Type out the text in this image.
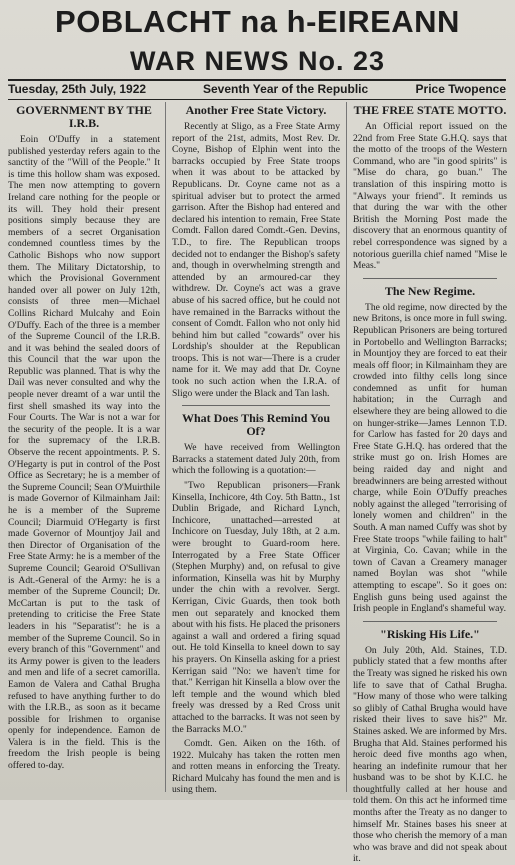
POBLACHT na h-EIREANN
WAR NEWS No. 23
Tuesday, 25th July, 1922	Seventh Year of the Republic	Price Twopence
GOVERNMENT BY THE I.R.B.

Eoin O'Duffy in a statement published yesterday refers again to the sanctity of the "Will of the People." It is time this hollow sham was exposed. The men now attempting to govern Ireland care nothing for the people or its will. They hold their present positions simply because they are members of a secret Organisation condemned countless times by the Catholic Bishops who now support them. The Military Dictatorship, to which the Provisional Government handed over all power on July 12th, consists of three men—Michael Collins Richard Mulcahy and Eoin O'Duffy. Each of the three is a member of the Supreme Council of the I.R.B. and it was behind the sealed doors of this Council that the war upon the Republic was planned. That is why the Dail was never consulted and why the people never dreamt of a war until the first shell smashed its way into the Four Courts. The War is not a war for the security of the people. It is a war for the supremacy of the I.R.B. Observe the recent appointments. P. S. O'Hegarty is put in control of the Post Office as Secretary; he is a member of the Supreme Council; Sean O'Muirthile is made Governor of Kilmainham Jail: he is a member of the Supreme Council; Diarmuid O'Hegarty is first made Governor of Mountjoy Jail and then Director of Organisation of the Free State Army: he is a member of the Supreme Council; Gearoid O'Sullivan is Adt.-General of the Army: he is a member of the Supreme Council; Dr. McCartan is put to the task of pretending to criticise the Free State leaders in his "Separatist": he is a member of the Supreme Council. So in every branch of this "Government" and its Army power is given to the leaders and men and life of a secret camorilla. Eamon de Valera and Cathal Brugha refused to have anything further to do with the I.R.B., as soon as it became possible for Irishmen to organise openly for independence. Eamon de Valera is in the field. This is the freedom the Irish people is being offered to-day.

Another Free State Victory.

Recently at Sligo, as a Free State Army report of the 21st, admits, Most Rev. Dr. Coyne, Bishop of Elphin went into the barracks occupied by Free State troops when it was about to be attacked by Republicans. Dr. Coyne came not as a spiritual adviser but to protect the armed garrison. After the Bishop had entered and declared his intention to remain, Free State Comdt. Fallon dared Comdt.-Gen. Devins, T.D., to fire. The Republican troops decided not to endanger the Bishop's safety and, though in overwhelming strength and attended by an armoured-car they withdrew. Dr. Coyne's act was a grave abuse of his sacred office, but he could not have remained in the Barracks without the consent of Comdt. Fallon who not only hid behind him but called "cowards" over his Lordship's shoulder at the Republican troops. This is not war—There is a cruder name for it. We may add that Dr. Coyne took no such action when the I.R.A. of Sligo were under the Black and Tan lash.

What Does This Remind You Of?

We have received from Wellington Barracks a statement dated July 20th, from which the following is a quotation:—

"Two Republican prisoners—Frank Kinsella, Inchicore, 4th Coy. 5th Battn., 1st Dublin Brigade, and Richard Lynch, Inchicore, unattached—arrested at Inchicore on Tuesday, July 18th, at 2 a.m. were brought to Guard-room here. Interrogated by a Free State Officer (Stephen Murphy) and, on refusal to give information, Kinsella was hit by Murphy under the chin with a revolver. Sergt. Kerrigan, Civic Guards, then took both men out separately and knocked them about with his fists. He placed the prisoners against a wall and ordered a firing squad out. He told Kinsella to kneel down to say his prayers. On Kinsella asking for a priest Kerrigan said "No: we haven't time for that." Kerrigan hit Kinsella a blow over the left temple and the wound which bled freely was dressed by a Red Cross unit attached to the barracks. It was not seen by the Barracks M.O."

Comdt. Gen. Aiken on the 16th. of 1922. Mulcahy has taken the rotten men and rotten means in enforcing the Treaty. Richard Mulcahy has found the men and is using them.

THE FREE STATE MOTTO.

An Official report issued on the 22nd from Free State G.H.Q. says that the motto of the troops of the Western Command, who are "in good spirits" is "Mise do chara, go buan." The translation of this inspiring motto is "Always your friend". It reminds us that during the war with the other British the Morning Post made the discovery that an enormous quantity of rebel correspondence was signed by a notorious guerilla chief named "Mise le Meas."

The New Regime.

The old regime, now directed by the new Britons, is once more in full swing. Republican Prisoners are being tortured in Portobello and Wellington Barracks; in Mountjoy they are forced to eat their meals off floor; in Kilmainham they are crowded into filthy cells long since condemned as unfit for human habitation; in the Curragh and elsewhere they are being allowed to die on hunger-strike—James Lennon T.D. for Carlow has fasted for 20 days and Free State G.H.Q. has ordered that the strike must go on. Irish Homes are being raided day and night and breadwinners are being arrested without charge, while Eoin O'Duffy preaches nobly against the alleged "terrorising of lonely women and children" in the South. A man named Cuffy was shot by Free State troops "while failing to halt" at Virginia, Co. Cavan; while in the town of Cavan a Creamery manager named Boylan was shot "while attempting to escape". So it goes on: English guns being used against the Irish people in England's shameful way.

"Risking His Life."

On July 20th, Ald. Staines, T.D. publicly stated that a few months after the Treaty was signed he risked his own life to save that of Cathal Brugha. "How many of those who were talking so glibly of Cathal Brugha would have risked their lives to save his?" Mr. Staines asked. We are informed by Mrs. Brugha that Ald. Staines performed his heroic deed five months ago when, hearing an indefinite rumour that her husband was to be shot by K.I.C. he thoughtfully called at her house and told them. On this act he informed time months after the Treaty as no danger to himself Mr. Staines bases his sneer at those who cherish the memory of a man who was brave and did not speak about it.
